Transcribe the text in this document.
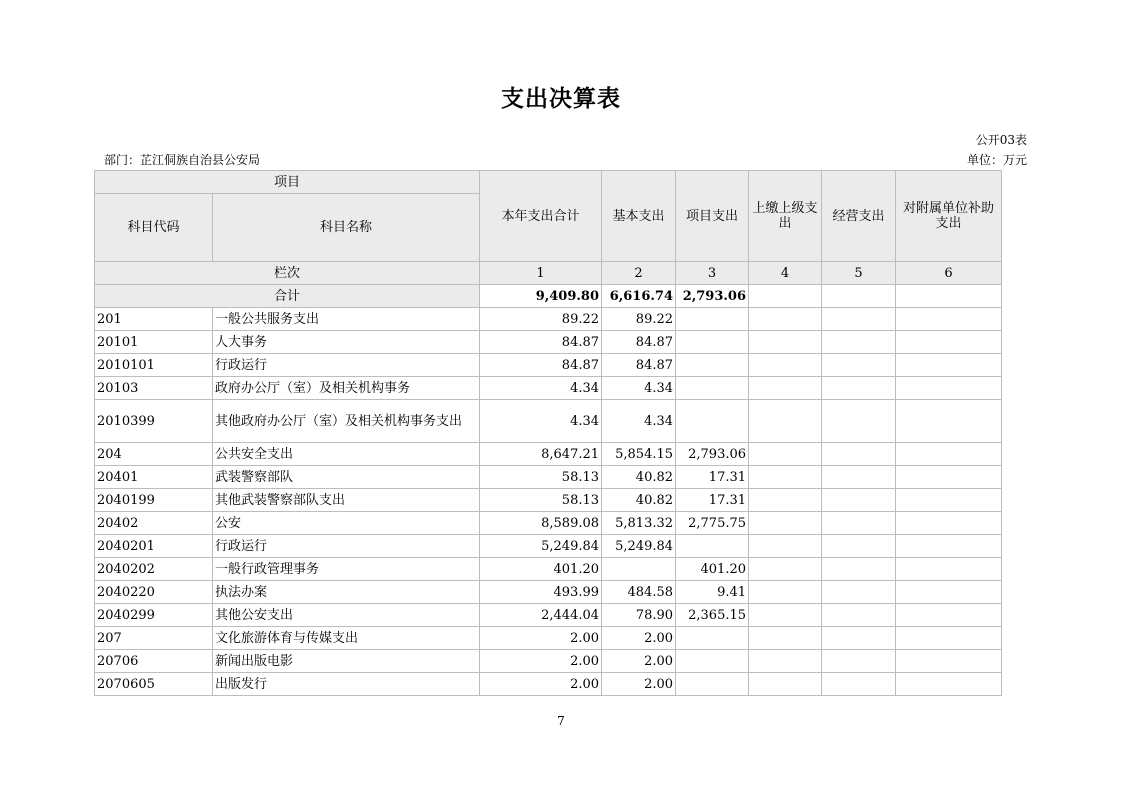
支出决算表
公开03表
部门：芷江侗族自治县公安局	单位：万元
项目		本年支出合计	基本支出	项目支出	上缴上级支出	经营支出	对附属单位补助支出
科目代码	科目名称						
栏次		1	2	3	4	5	6
合计		9,409.80	6,616.74	2,793.06			
201	一般公共服务支出	89.22	89.22				
20101	人大事务	84.87	84.87				
2010101	行政运行	84.87	84.87				
20103	政府办公厅（室）及相关机构事务	4.34	4.34				
2010399	其他政府办公厅（室）及相关机构事务支出	4.34	4.34				
204	公共安全支出	8,647.21	5,854.15	2,793.06			
20401	武装警察部队	58.13	40.82	17.31			
2040199	其他武装警察部队支出	58.13	40.82	17.31			
20402	公安	8,589.08	5,813.32	2,775.75			
2040201	行政运行	5,249.84	5,249.84				
2040202	一般行政管理事务	401.20		401.20			
2040220	执法办案	493.99	484.58	9.41			
2040299	其他公安支出	2,444.04	78.90	2,365.15			
207	文化旅游体育与传媒支出	2.00	2.00				
20706	新闻出版电影	2.00	2.00				
2070605	出版发行	2.00	2.00				
7
